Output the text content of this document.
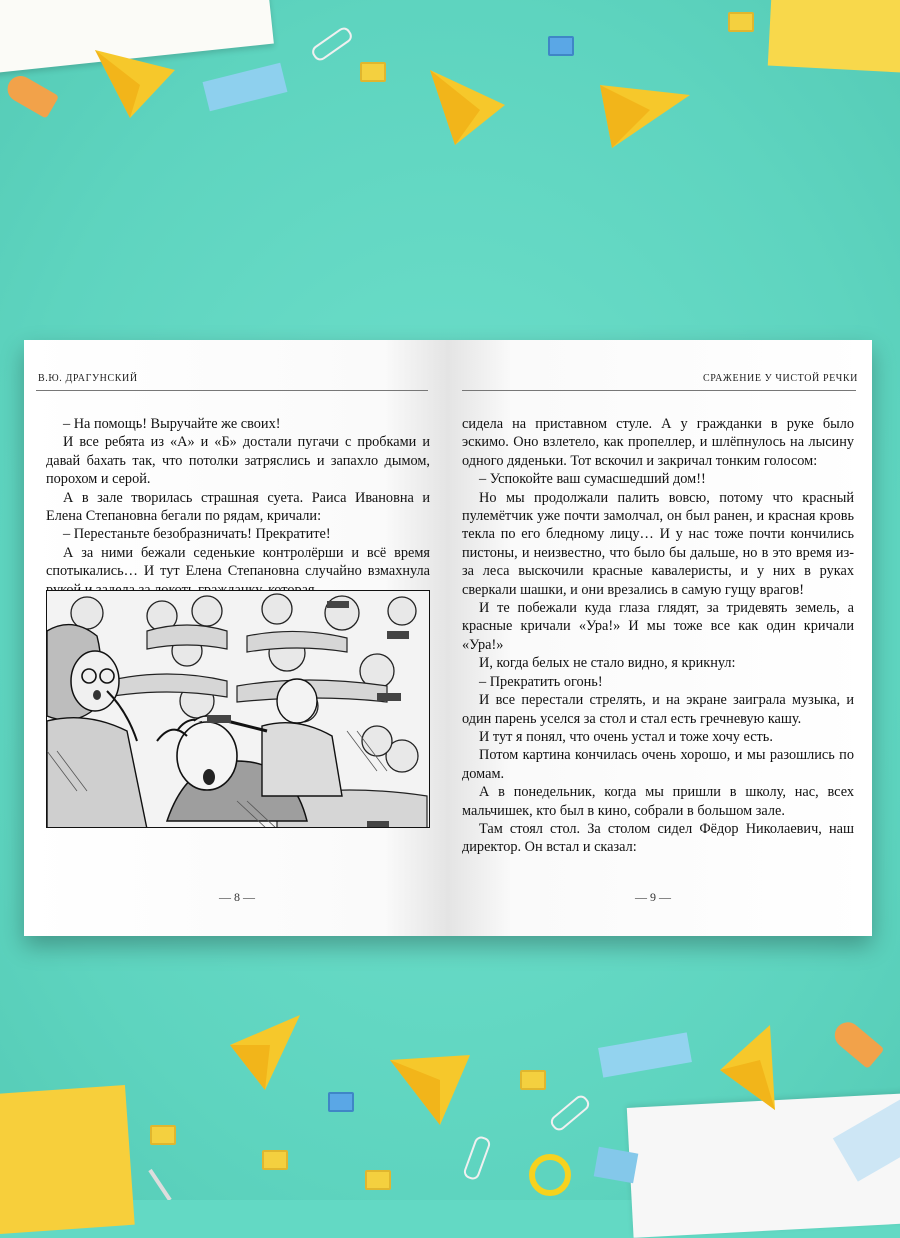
В.Ю. ДРАГУНСКИЙ

– На помощь! Выручайте же своих!

И все ребята из «А» и «Б» достали пугачи с пробками и давай бахать так, что потолки затряслись и запахло дымом, порохом и серой.

А в зале творилась страшная суета. Раиса Ивановна и Елена Степановна бегали по рядам, кричали:

– Перестаньте безобразничать! Прекратите!

А за ними бежали седенькие контролёрши и всё время спотыкались… И тут Елена Степановна случайно взмахнула

— 8 —
СРАЖЕНИЕ У ЧИСТОЙ РЕЧКИ

сидела на приставном стуле. А у гражданки в руке было эскимо. Оно взлетело, как пропеллер, и шлёпнулось на лысину одного дяденьки. Тот вскочил и закричал тонким голосом:

– Успокойте ваш сумасшедший дом!!

Но мы продолжали палить вовсю, потому что красный пулемётчик уже почти замолчал, он был ранен, и красная кровь текла по его бледному лицу… И у нас тоже почти кончились пистоны, и неизвестно, что было бы дальше, но в это время из-за леса выскочили красные кавалеристы, и у них в руках сверкали шашки, и они врезались в самую гущу врагов!

И те побежали куда глаза глядят, за тридевять земель, а красные кричали «Ура!» И мы тоже все как один кричали «Ура!»

И, когда белых не стало видно, я крикнул:

– Прекратить огонь!

И все перестали стрелять, и на экране заиграла музыка, и один парень уселся за стол и стал есть гречневую кашу.

И тут я понял, что очень устал и тоже хочу есть.

Потом картина кончилась очень хорошо, и мы разошлись по домам.

А в понедельник, когда мы пришли в школу, нас, всех мальчишек, кто был в кино, собрали в большом зале.

Там стоял стол. За столом сидел Фёдор Николаевич, наш директор. Он встал и сказал:

— 9 —
